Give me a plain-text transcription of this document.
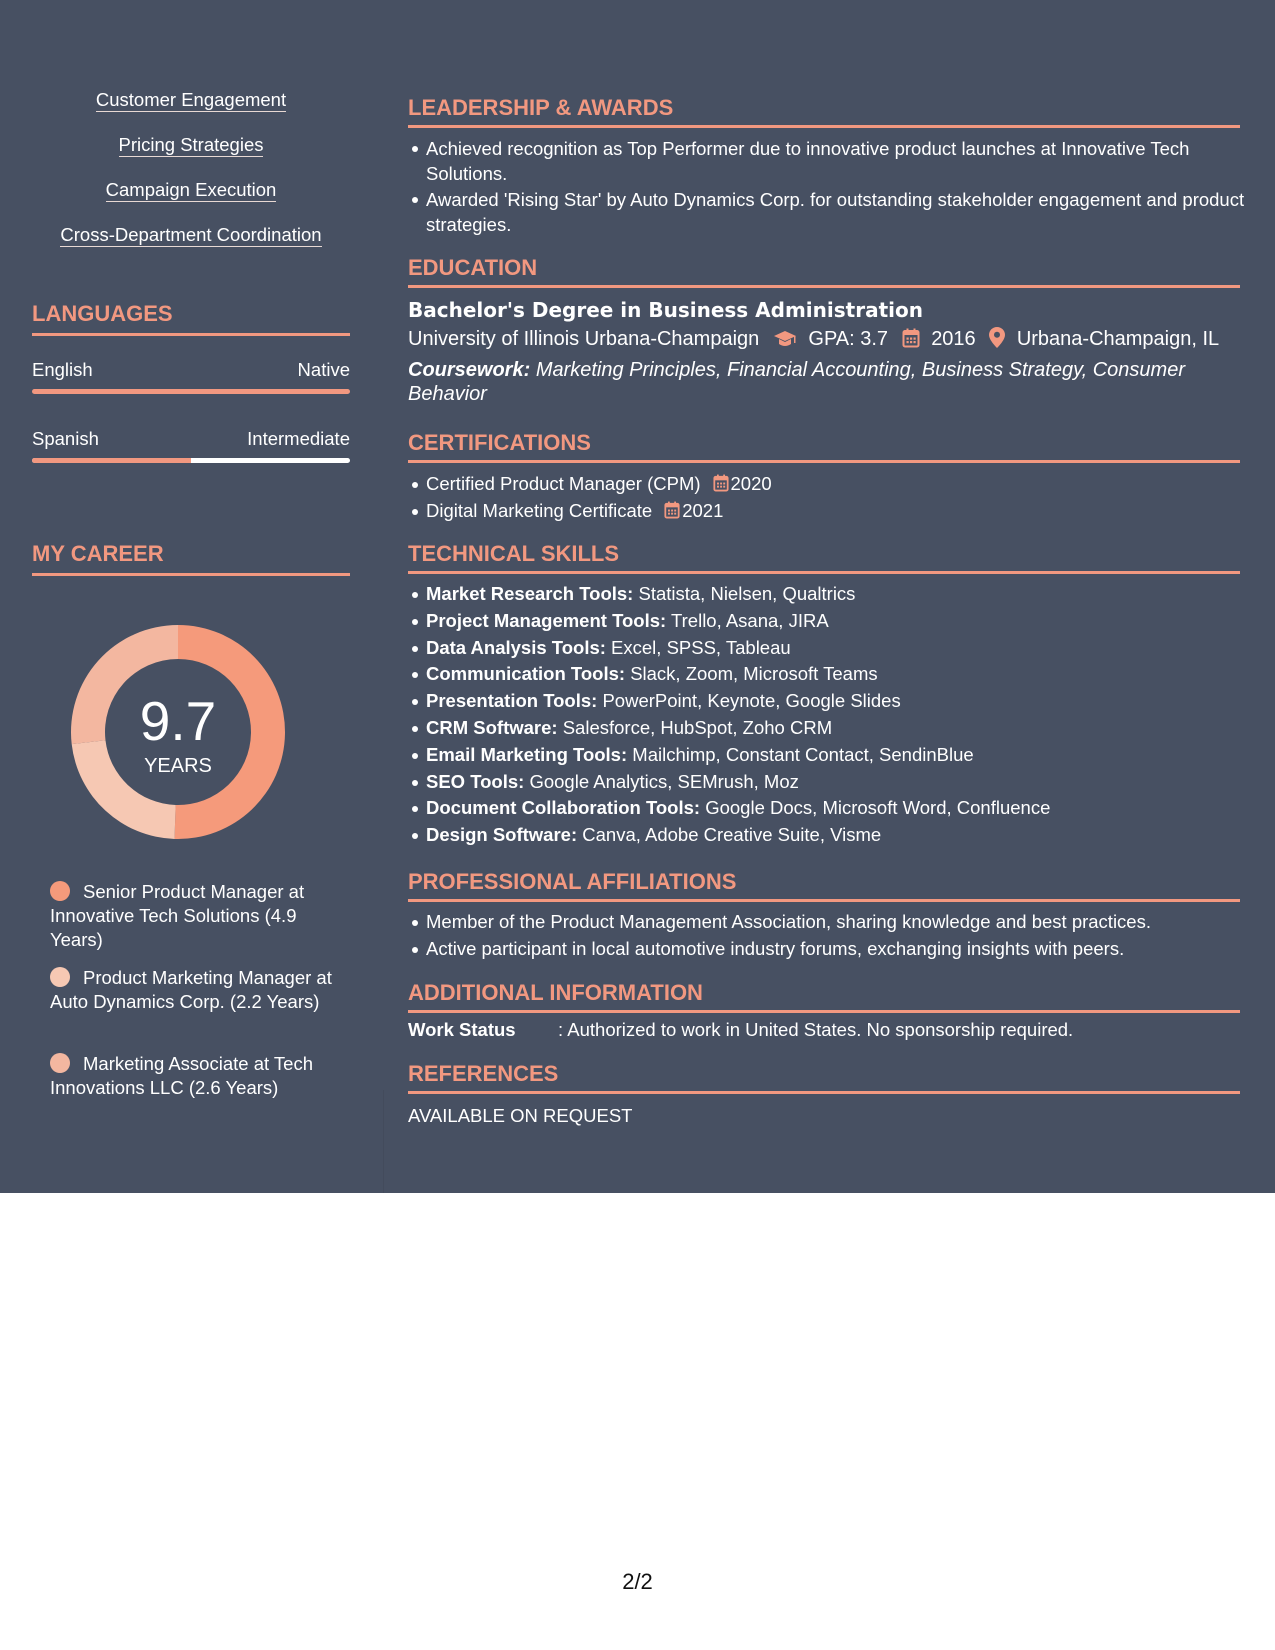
Customer Engagement
Pricing Strategies
Campaign Execution
Cross-Department Coordination
LANGUAGES
English	Native
Spanish	Intermediate
MY CAREER
9.7
YEARS
Senior Product Manager at Innovative Tech Solutions (4.9 Years)
Product Marketing Manager at Auto Dynamics Corp. (2.2 Years)
Marketing Associate at Tech Innovations LLC (2.6 Years)
LEADERSHIP & AWARDS
Achieved recognition as Top Performer due to innovative product launches at Innovative Tech Solutions.
Awarded 'Rising Star' by Auto Dynamics Corp. for outstanding stakeholder engagement and product strategies.
EDUCATION
Bachelor's Degree in Business Administration
University of Illinois Urbana-Champaign GPA: 3.7 2016 Urbana-Champaign, IL
Coursework: Marketing Principles, Financial Accounting, Business Strategy, Consumer Behavior
CERTIFICATIONS
Certified Product Manager (CPM) 2020
Digital Marketing Certificate 2021
TECHNICAL SKILLS
Market Research Tools: Statista, Nielsen, Qualtrics
Project Management Tools: Trello, Asana, JIRA
Data Analysis Tools: Excel, SPSS, Tableau
Communication Tools: Slack, Zoom, Microsoft Teams
Presentation Tools: PowerPoint, Keynote, Google Slides
CRM Software: Salesforce, HubSpot, Zoho CRM
Email Marketing Tools: Mailchimp, Constant Contact, SendinBlue
SEO Tools: Google Analytics, SEMrush, Moz
Document Collaboration Tools: Google Docs, Microsoft Word, Confluence
Design Software: Canva, Adobe Creative Suite, Visme
PROFESSIONAL AFFILIATIONS
Member of the Product Management Association, sharing knowledge and best practices.
Active participant in local automotive industry forums, exchanging insights with peers.
ADDITIONAL INFORMATION
Work Status : Authorized to work in United States. No sponsorship required.
REFERENCES
AVAILABLE ON REQUEST
2/2
